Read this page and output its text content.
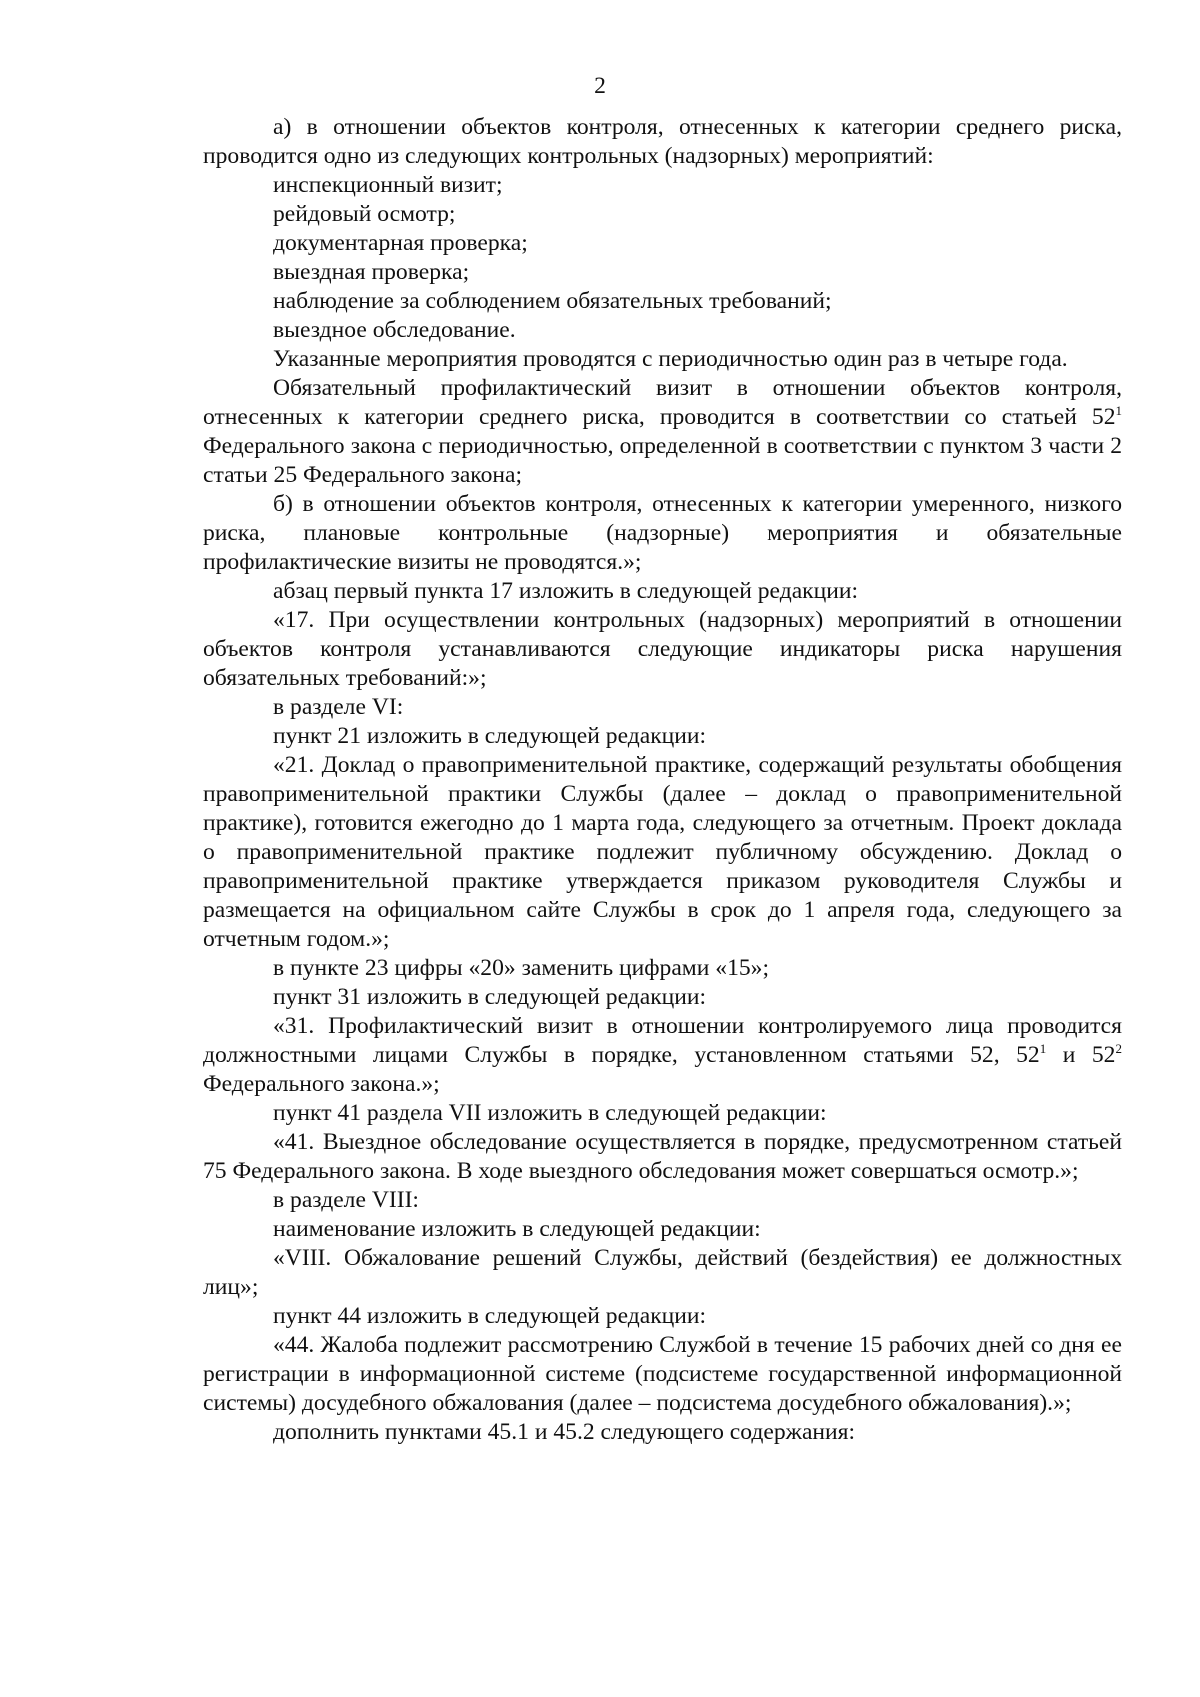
2

а) в отношении объектов контроля, отнесенных к категории среднего риска, проводится одно из следующих контрольных (надзорных) мероприятий:

инспекционный визит;

рейдовый осмотр;

документарная проверка;

выездная проверка;

наблюдение за соблюдением обязательных требований;

выездное обследование.

Указанные мероприятия проводятся с периодичностью один раз в четыре года.

Обязательный профилактический визит в отношении объектов контроля, отнесенных к категории среднего риска, проводится в соответствии со статьей $52^1$ Федерального закона с периодичностью, определенной в соответствии с пунктом 3 части 2 статьи 25 Федерального закона;

б) в отношении объектов контроля, отнесенных к категории умеренного, низкого риска, плановые контрольные (надзорные) мероприятия и обязательные профилактические визиты не проводятся.»;

абзац первый пункта 17 изложить в следующей редакции:

«17. При осуществлении контрольных (надзорных) мероприятий в отношении объектов контроля устанавливаются следующие индикаторы риска нарушения обязательных требований:»;

в разделе VI:

пункт 21 изложить в следующей редакции:

«21. Доклад о правоприменительной практике, содержащий результаты обобщения правоприменительной практики Службы (далее – доклад о правоприменительной практике), готовится ежегодно до 1 марта года, следующего за отчетным. Проект доклада о правоприменительной практике подлежит публичному обсуждению. Доклад о правоприменительной практике утверждается приказом руководителя Службы и размещается на официальном сайте Службы в срок до 1 апреля года, следующего за отчетным годом.»;

в пункте 23 цифры «20» заменить цифрами «15»;

пункт 31 изложить в следующей редакции:

«31. Профилактический визит в отношении контролируемого лица проводится должностными лицами Службы в порядке, установленном статьями 52, $52^1$ и $52^2$ Федерального закона.»;

пункт 41 раздела VII изложить в следующей редакции:

«41. Выездное обследование осуществляется в порядке, предусмотренном статьей 75 Федерального закона. В ходе выездного обследования может совершаться осмотр.»;

в разделе VIII:

наименование изложить в следующей редакции:

«VIII. Обжалование решений Службы, действий (бездействия) ее должностных лиц»;

пункт 44 изложить в следующей редакции:

«44. Жалоба подлежит рассмотрению Службой в течение 15 рабочих дней со дня ее регистрации в информационной системе (подсистеме государственной информационной системы) досудебного обжалования (далее – подсистема досудебного обжалования).»;

дополнить пунктами 45.1 и 45.2 следующего содержания:
